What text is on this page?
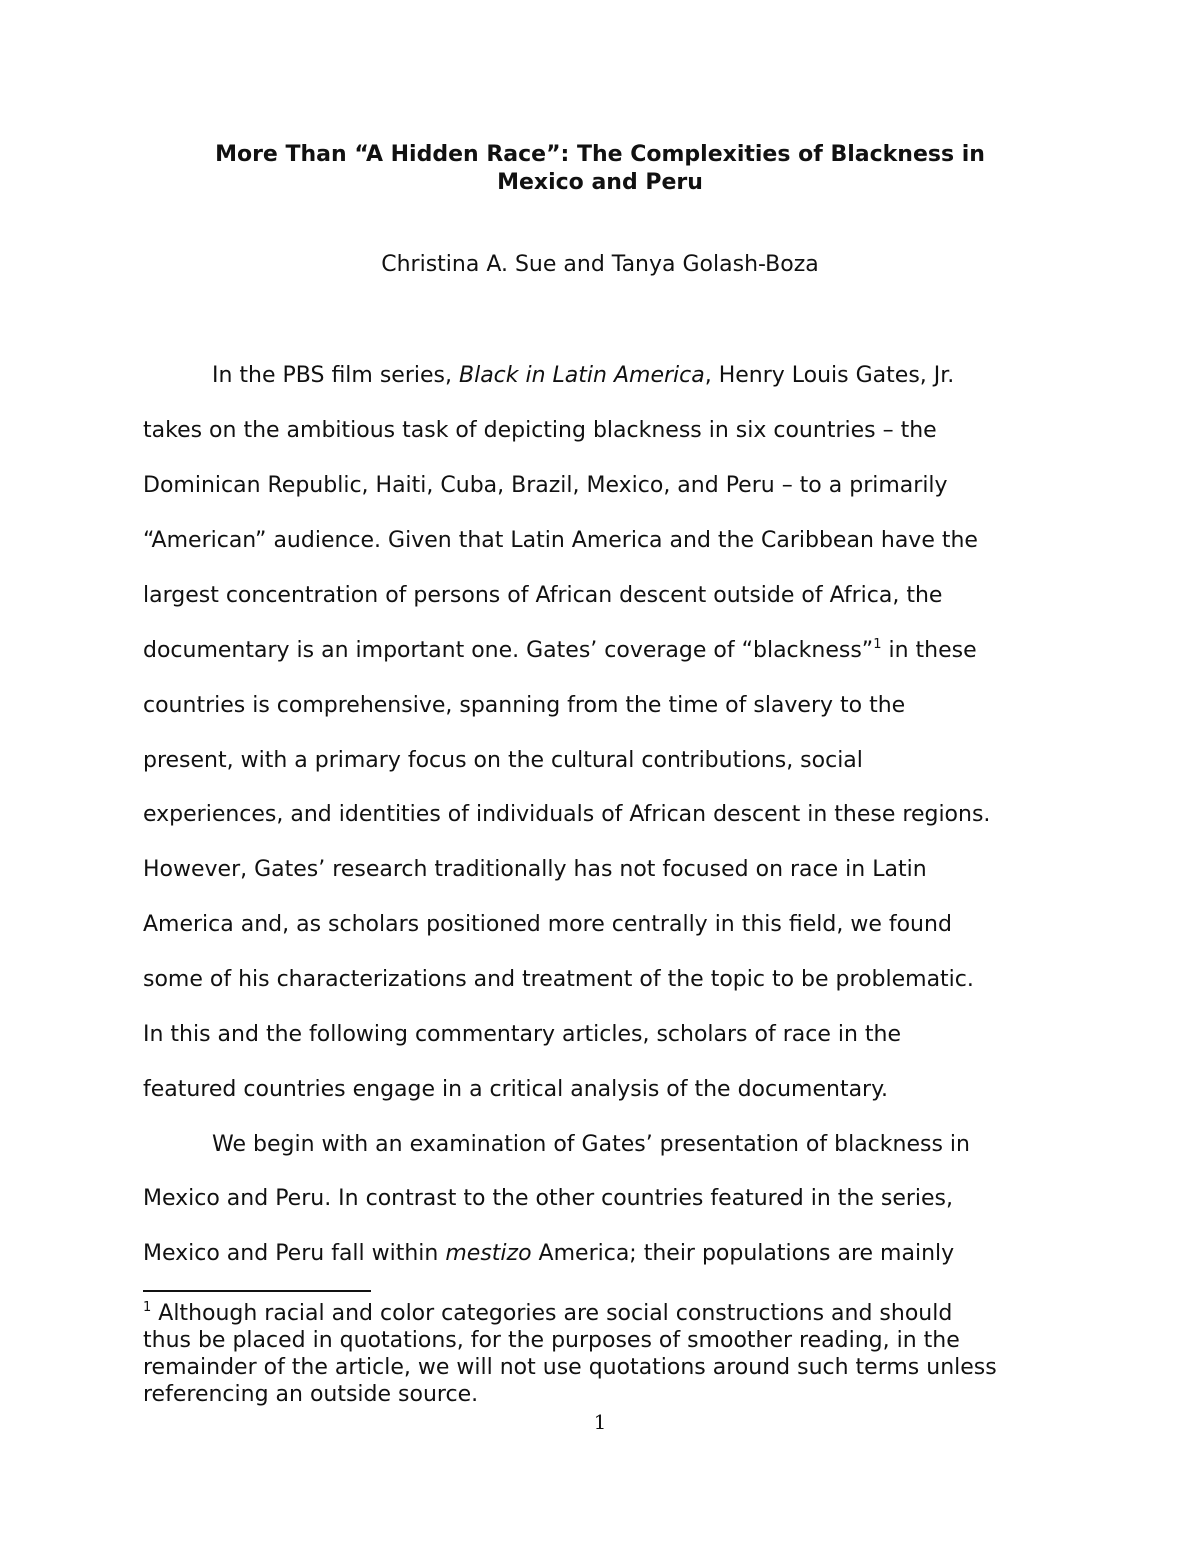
More Than “A Hidden Race”: The Complexities of Blackness in
Mexico and Peru
Christina A. Sue and Tanya Golash-Boza
In the PBS film series, Black in Latin America, Henry Louis Gates, Jr.
takes on the ambitious task of depicting blackness in six countries – the
Dominican Republic, Haiti, Cuba, Brazil, Mexico, and Peru – to a primarily
“American” audience. Given that Latin America and the Caribbean have the
largest concentration of persons of African descent outside of Africa, the
documentary is an important one. Gates’ coverage of “blackness”$^1$ in these
countries is comprehensive, spanning from the time of slavery to the
present, with a primary focus on the cultural contributions, social
experiences, and identities of individuals of African descent in these regions.
However, Gates’ research traditionally has not focused on race in Latin
America and, as scholars positioned more centrally in this field, we found
some of his characterizations and treatment of the topic to be problematic.
In this and the following commentary articles, scholars of race in the
featured countries engage in a critical analysis of the documentary.
We begin with an examination of Gates’ presentation of blackness in
Mexico and Peru. In contrast to the other countries featured in the series,
Mexico and Peru fall within mestizo America; their populations are mainly
$^1$ Although racial and color categories are social constructions and should
thus be placed in quotations, for the purposes of smoother reading, in the
remainder of the article, we will not use quotations around such terms unless
referencing an outside source.
1
